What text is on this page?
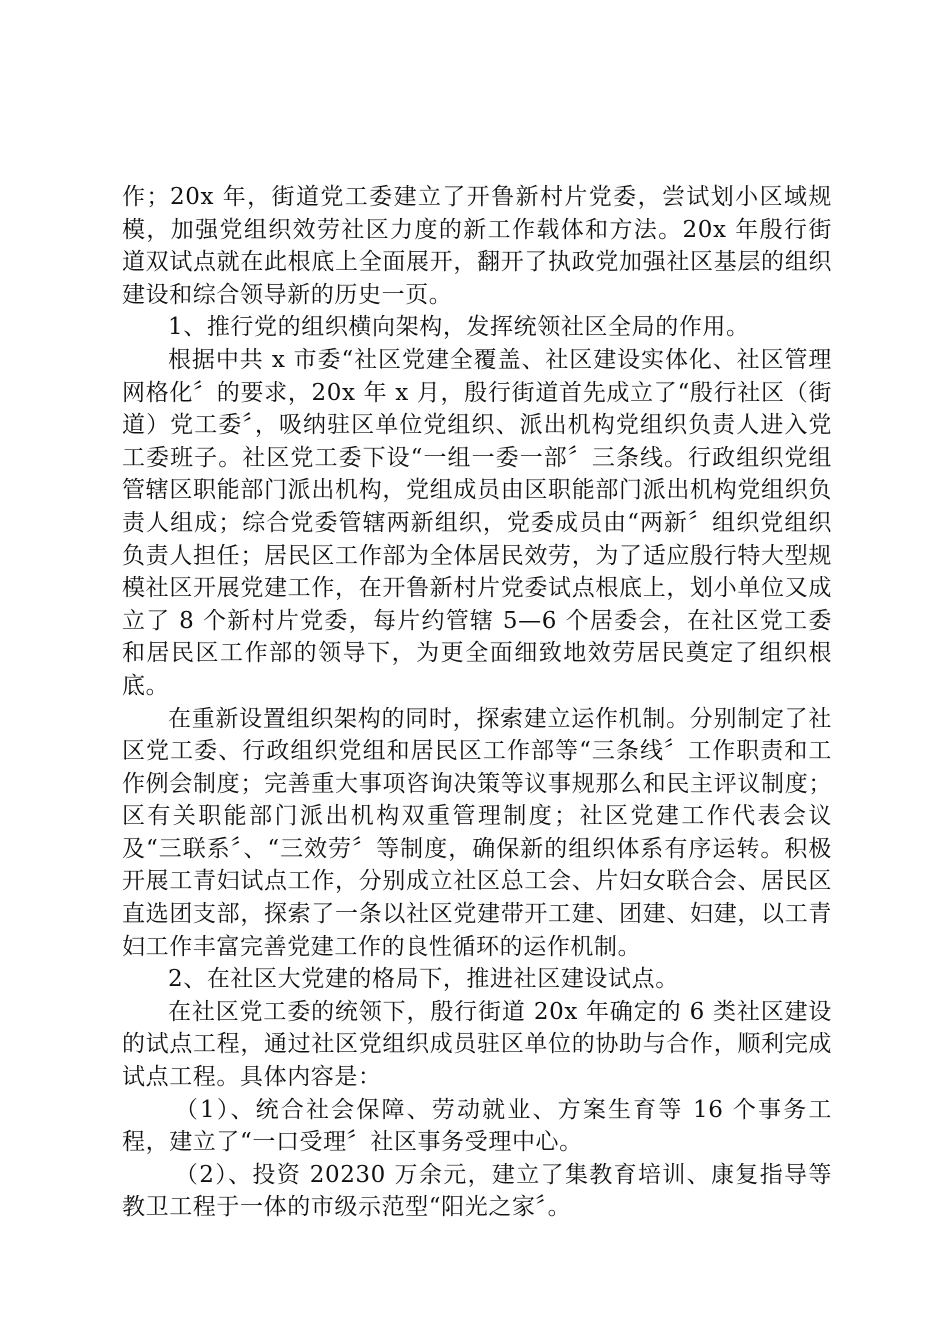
作；20x 年，街道党工委建立了开鲁新村片党委，尝试划小区域规模，加强党组织效劳社区力度的新工作载体和方法。20x 年殷行街道双试点就在此根底上全面展开，翻开了执政党加强社区基层的组织建设和综合领导新的历史一页。

1、推行党的组织横向架构，发挥统领社区全局的作用。

根据中共 x 市委“社区党建全覆盖、社区建设实体化、社区管理网格化〞的要求，20x 年 x 月，殷行街道首先成立了“殷行社区（街道）党工委〞，吸纳驻区单位党组织、派出机构党组织负责人进入党工委班子。社区党工委下设“一组一委一部〞三条线。行政组织党组管辖区职能部门派出机构，党组成员由区职能部门派出机构党组织负责人组成；综合党委管辖两新组织，党委成员由“两新〞组织党组织负责人担任；居民区工作部为全体居民效劳，为了适应殷行特大型规模社区开展党建工作，在开鲁新村片党委试点根底上，划小单位又成立了 8 个新村片党委，每片约管辖 5—6 个居委会，在社区党工委和居民区工作部的领导下，为更全面细致地效劳居民奠定了组织根底。

在重新设置组织架构的同时，探索建立运作机制。分别制定了社区党工委、行政组织党组和居民区工作部等“三条线〞工作职责和工作例会制度；完善重大事项咨询决策等议事规那么和民主评议制度；区有关职能部门派出机构双重管理制度；社区党建工作代表会议及“三联系〞、“三效劳〞等制度，确保新的组织体系有序运转。积极开展工青妇试点工作，分别成立社区总工会、片妇女联合会、居民区直选团支部，探索了一条以社区党建带开工建、团建、妇建，以工青妇工作丰富完善党建工作的良性循环的运作机制。

2、在社区大党建的格局下，推进社区建设试点。

在社区党工委的统领下，殷行街道 20x 年确定的 6 类社区建设的试点工程，通过社区党组织成员驻区单位的协助与合作，顺利完成试点工程。具体内容是：

（1）、统合社会保障、劳动就业、方案生育等 16 个事务工程，建立了“一口受理〞社区事务受理中心。

（2）、投资 20230 万余元，建立了集教育培训、康复指导等教卫工程于一体的市级示范型“阳光之家〞。
